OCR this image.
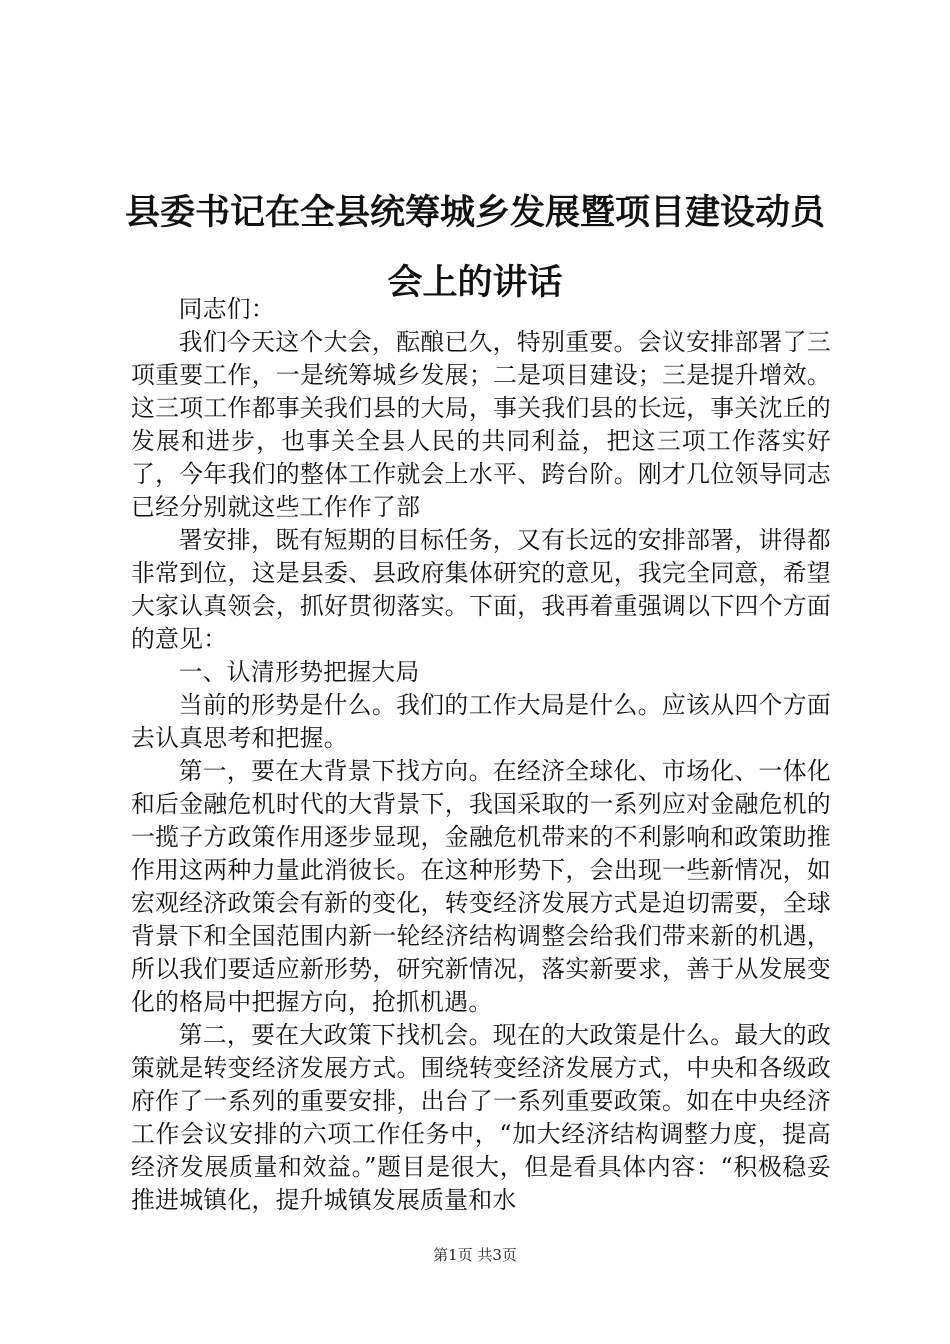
县委书记在全县统筹城乡发展暨项目建设动员会上的讲话

同志们：

我们今天这个大会，酝酿已久，特别重要。会议安排部署了三项重要工作，一是统筹城乡发展；二是项目建设；三是提升增效。这三项工作都事关我们县的大局，事关我们县的长远，事关沈丘的发展和进步，也事关全县人民的共同利益，把这三项工作落实好了，今年我们的整体工作就会上水平、跨台阶。刚才几位领导同志已经分别就这些工作作了部

署安排，既有短期的目标任务，又有长远的安排部署，讲得都非常到位，这是县委、县政府集体研究的意见，我完全同意，希望大家认真领会，抓好贯彻落实。下面，我再着重强调以下四个方面的意见：

一、认清形势把握大局

当前的形势是什么。我们的工作大局是什么。应该从四个方面去认真思考和把握。

第一，要在大背景下找方向。在经济全球化、市场化、一体化和后金融危机时代的大背景下，我国采取的一系列应对金融危机的一揽子方政策作用逐步显现，金融危机带来的不利影响和政策助推作用这两种力量此消彼长。在这种形势下，会出现一些新情况，如宏观经济政策会有新的变化，转变经济发展方式是迫切需要，全球背景下和全国范围内新一轮经济结构调整会给我们带来新的机遇，所以我们要适应新形势，研究新情况，落实新要求，善于从发展变化的格局中把握方向，抢抓机遇。

第二，要在大政策下找机会。现在的大政策是什么。最大的政策就是转变经济发展方式。围绕转变经济发展方式，中央和各级政府作了一系列的重要安排，出台了一系列重要政策。如在中央经济工作会议安排的六项工作任务中，“加大经济结构调整力度，提高经济发展质量和效益。”题目是很大，但是看具体内容：“积极稳妥推进城镇化，提升城镇发展质量和水

第1页 共3页
